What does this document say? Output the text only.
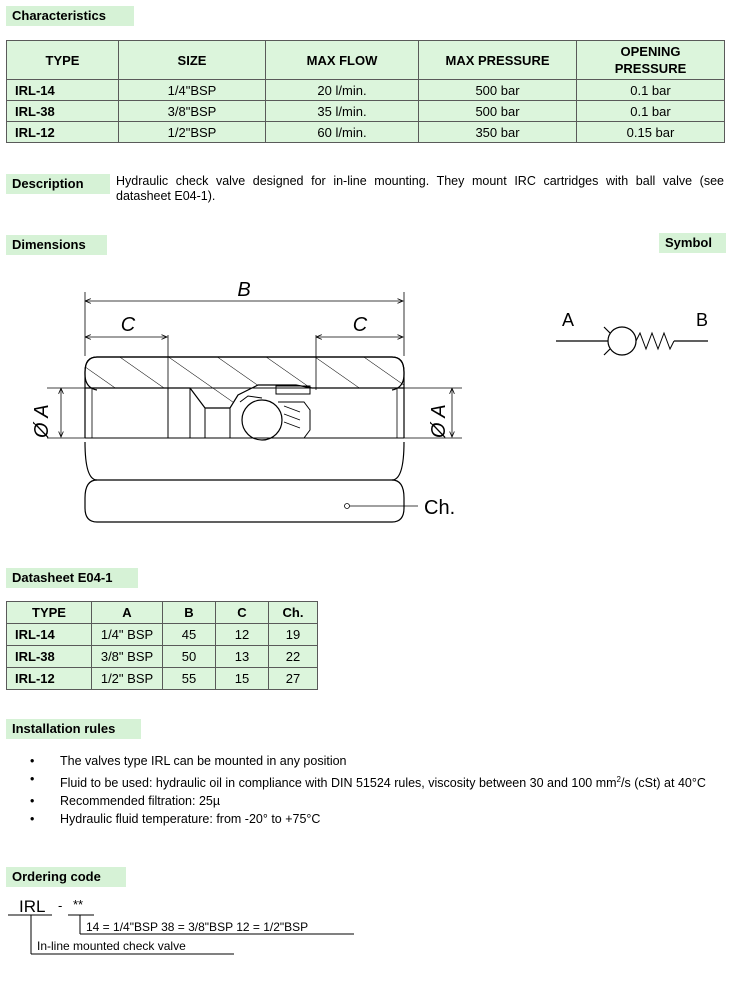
Characteristics
TYPE	SIZE	MAX FLOW	MAX PRESSURE	OPENING PRESSURE

IRL-14	1/4"BSP	20 l/min.	500 bar	0.1 bar
IRL-38	3/8"BSP	35 l/min.	500 bar	0.1 bar
IRL-12	1/2"BSP	60 l/min.	350 bar	0.15 bar
Description	Hydraulic check valve designed for in-line mounting. They mount IRC cartridges with ball valve (see datasheet E04-1).
Dimensions	Symbol
B
C	C
Ch.
Ø A	Ø A
A	B
Datasheet E04-1
TYPE	A	B	C	Ch.
IRL-14	1/4" BSP	45	12	19
IRL-38	3/8" BSP	50	13	22
IRL-12	1/2" BSP	55	15	27
Installation rules
• The valves type IRL can be mounted in any position
• Fluid to be used: hydraulic oil in compliance with DIN 51524 rules, viscosity between 30 and 100 $mm^2/s$ (cSt) at 40°C
• Recommended filtration: 25µ
• Hydraulic fluid temperature: from -20° to +75°C
Ordering code
IRL - **
14 = 1/4"BSP 38 = 3/8"BSP 12 = 1/2"BSP
In-line mounted check valve
